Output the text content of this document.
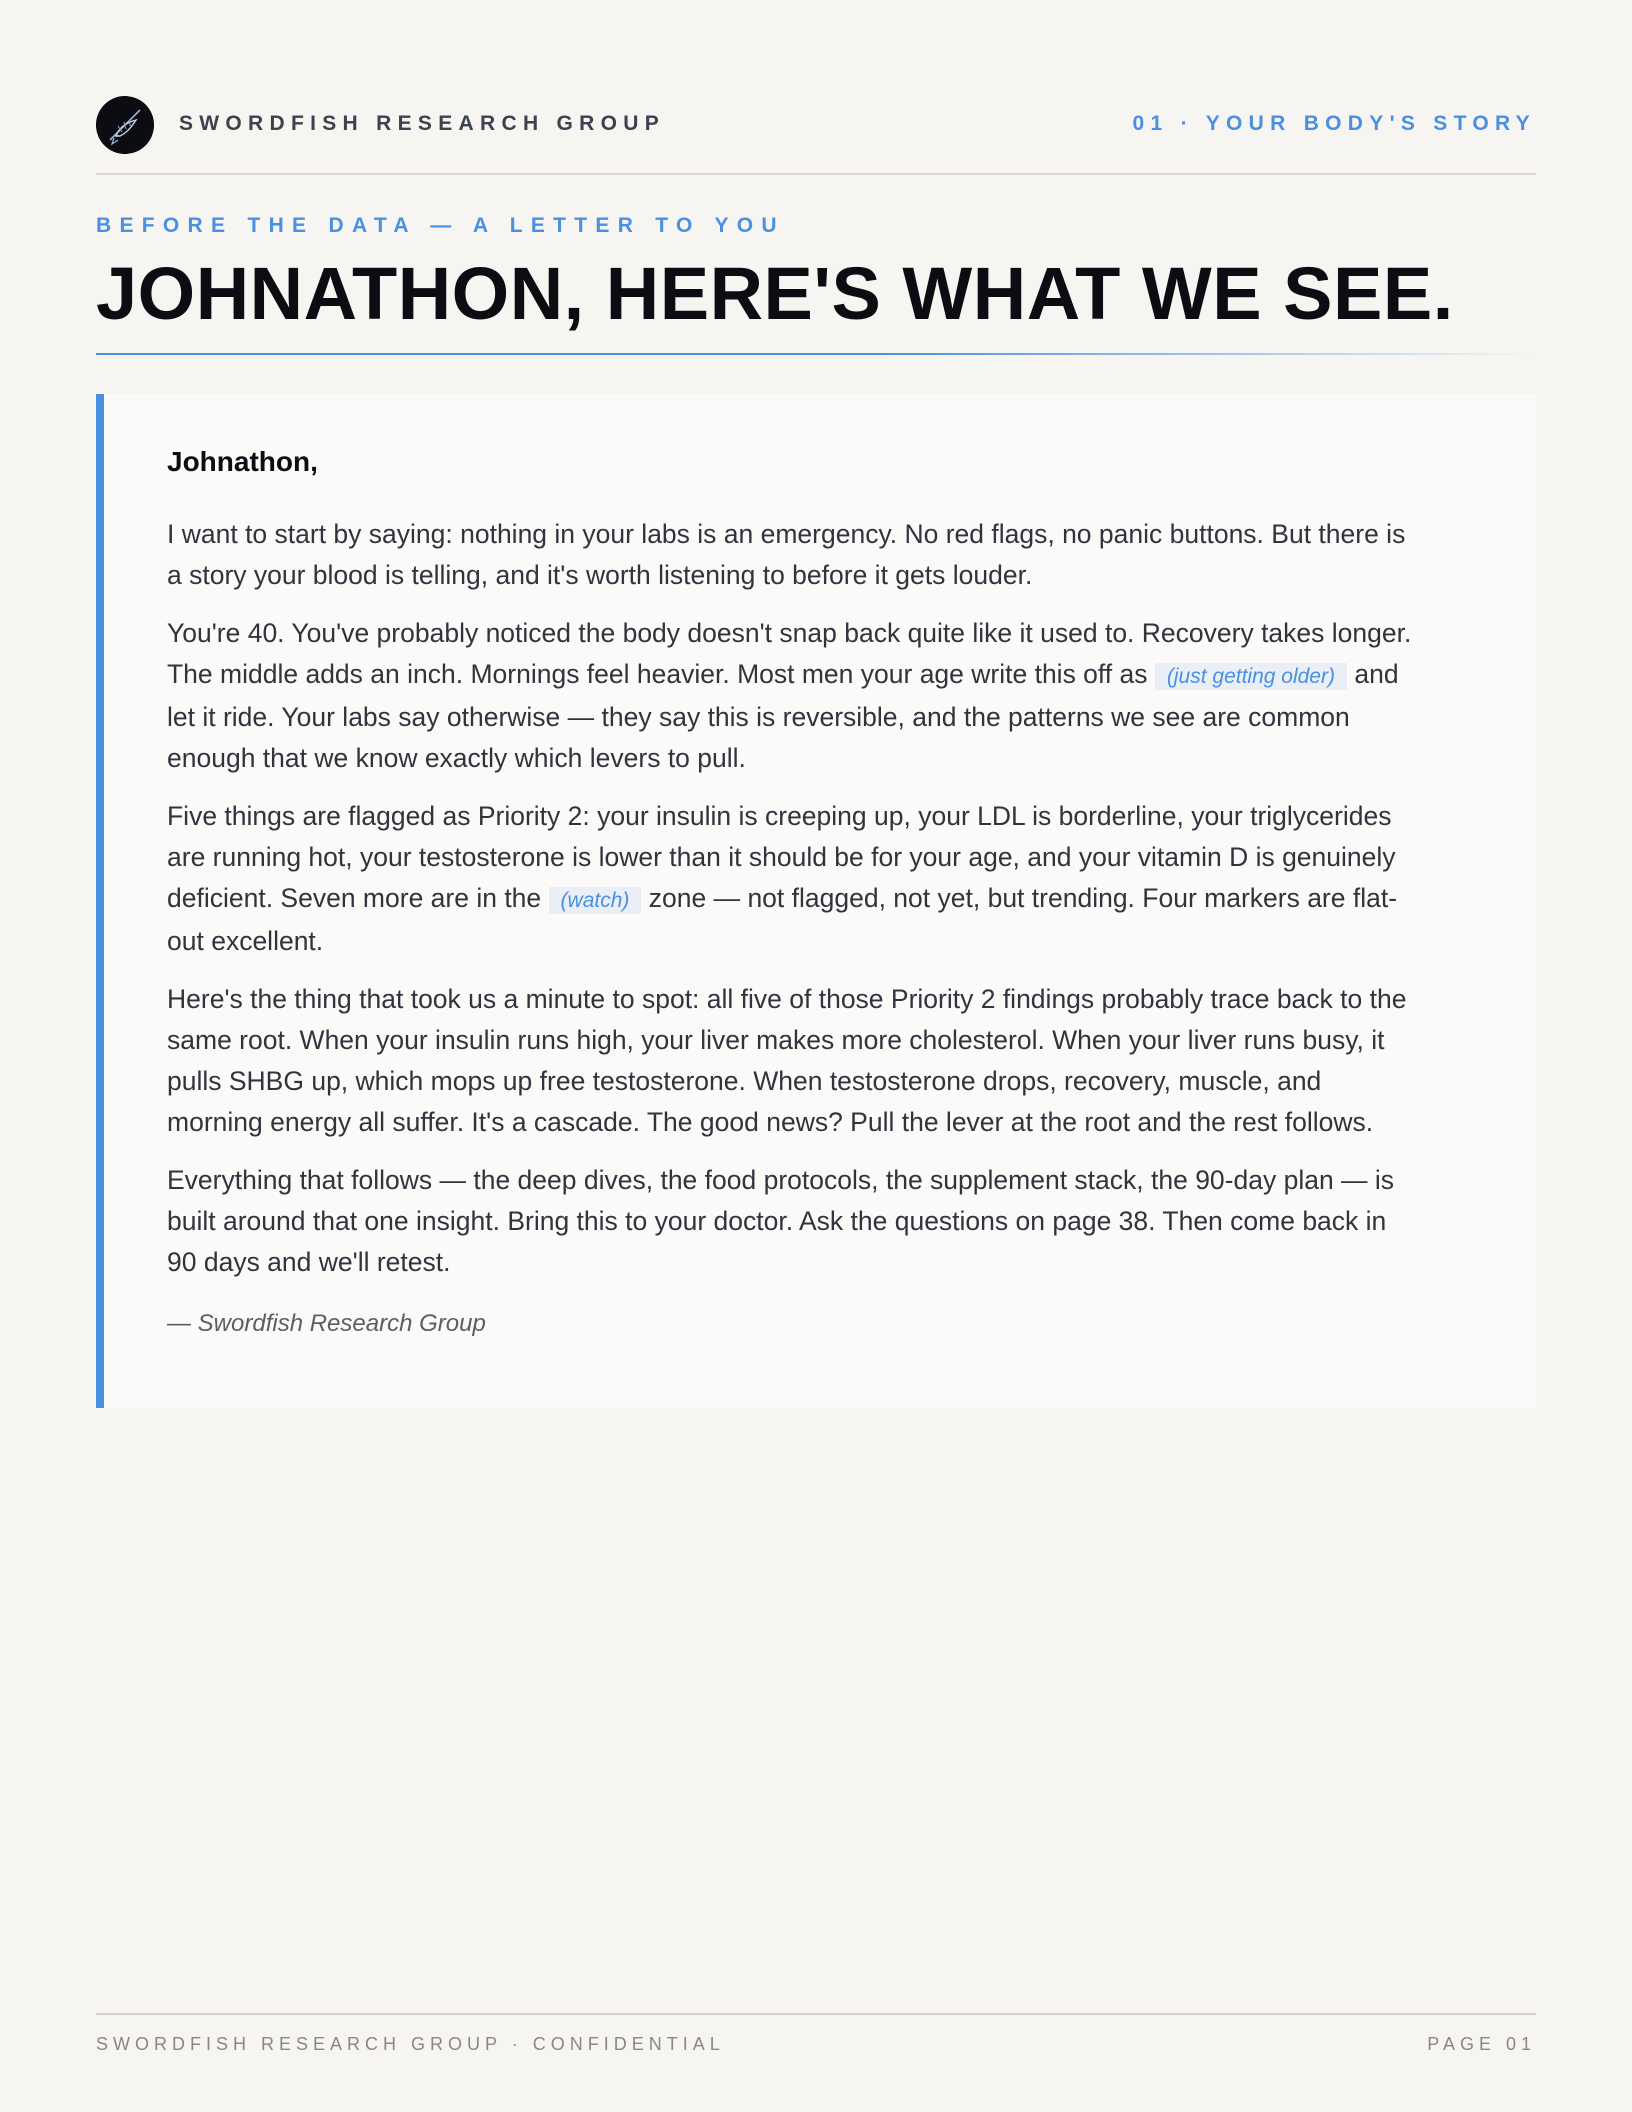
SWORDFISH RESEARCH GROUP	01 · YOUR BODY'S STORY
BEFORE THE DATA — A LETTER TO YOU
JOHNATHON, HERE'S WHAT WE SEE.
Johnathon,

I want to start by saying: nothing in your labs is an emergency. No red flags, no panic buttons. But there is a story your blood is telling, and it's worth listening to before it gets louder.

You're 40. You've probably noticed the body doesn't snap back quite like it used to. Recovery takes longer. The middle adds an inch. Mornings feel heavier. Most men your age write this off as (just getting older) and let it ride. Your labs say otherwise — they say this is reversible, and the patterns we see are common enough that we know exactly which levers to pull.

Five things are flagged as Priority 2: your insulin is creeping up, your LDL is borderline, your triglycerides are running hot, your testosterone is lower than it should be for your age, and your vitamin D is genuinely deficient. Seven more are in the (watch) zone — not flagged, not yet, but trending. Four markers are flat-out excellent.

Here's the thing that took us a minute to spot: all five of those Priority 2 findings probably trace back to the same root. When your insulin runs high, your liver makes more cholesterol. When your liver runs busy, it pulls SHBG up, which mops up free testosterone. When testosterone drops, recovery, muscle, and morning energy all suffer. It's a cascade. The good news? Pull the lever at the root and the rest follows.

Everything that follows — the deep dives, the food protocols, the supplement stack, the 90-day plan — is built around that one insight. Bring this to your doctor. Ask the questions on page 38. Then come back in 90 days and we'll retest.

— Swordfish Research Group
SWORDFISH RESEARCH GROUP · CONFIDENTIAL	PAGE 01
